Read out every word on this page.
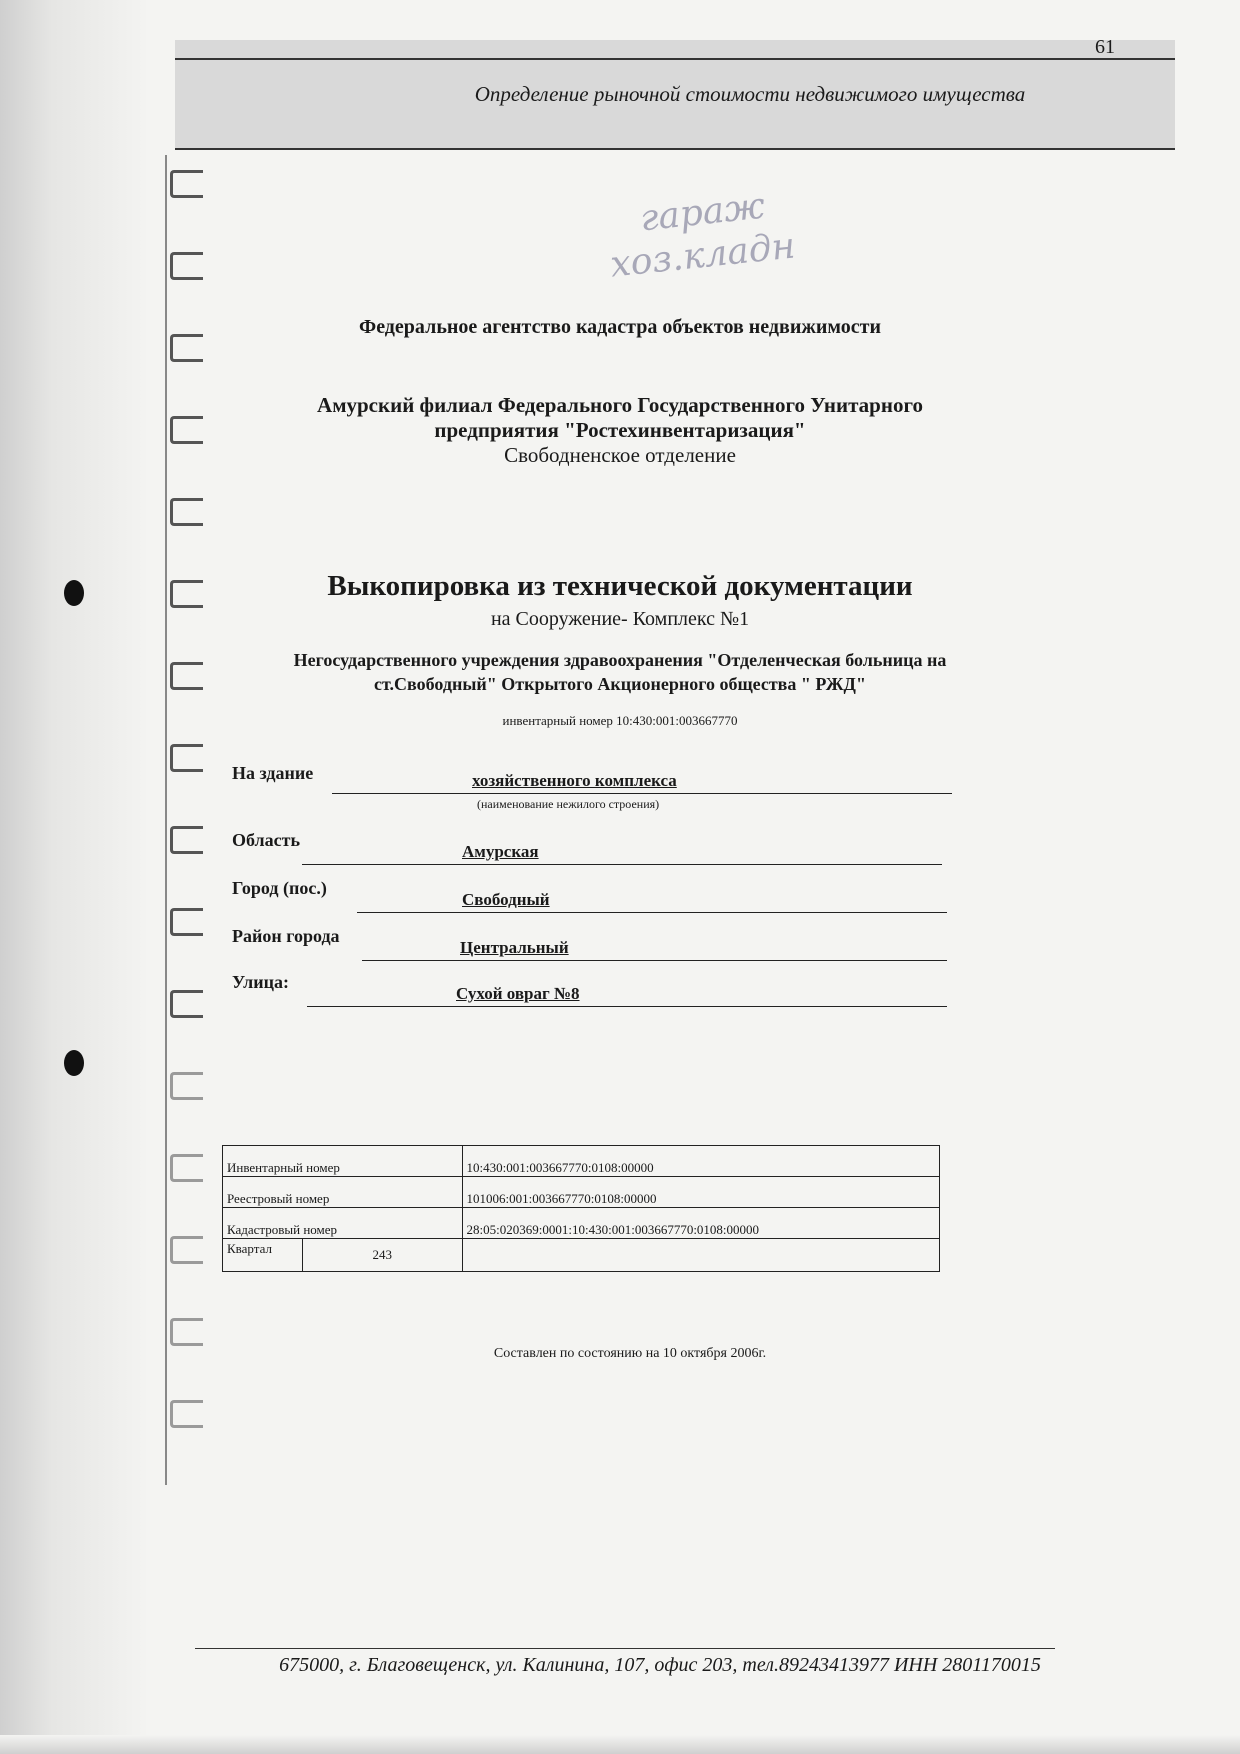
61
Определение рыночной стоимости недвижимого имущества
гараж
хоз.кладн
Федеральное агентство кадастра объектов недвижимости
Амурский филиал Федерального Государственного Унитарного
предприятия "Ростехинвентаризация"
Свободненское отделение
Выкопировка из технической документации
на Сооружение- Комплекс №1
Негосударственного учреждения здравоохранения "Отделенческая больница на
ст.Свободный" Открытого Акционерного общества " РЖД"
инвентарный номер 10:430:001:003667770
На здание	хозяйственного комплекса
(наименование нежилого строения)
Область
Амурская
Город (пос.)
Свободный
Район города
Центральный
Улица:
Сухой овраг №8
Инвентарный номер		10:430:001:003667770:0108:00000
Реестровый номер		101006:001:003667770:0108:00000
Кадастровый номер		28:05:020369:0001:10:430:001:003667770:0108:00000
Квартал	243	
Составлен по состоянию на 10 октября 2006г.
675000, г. Благовещенск, ул. Калинина, 107, офис 203, тел.89243413977 ИНН 2801170015
